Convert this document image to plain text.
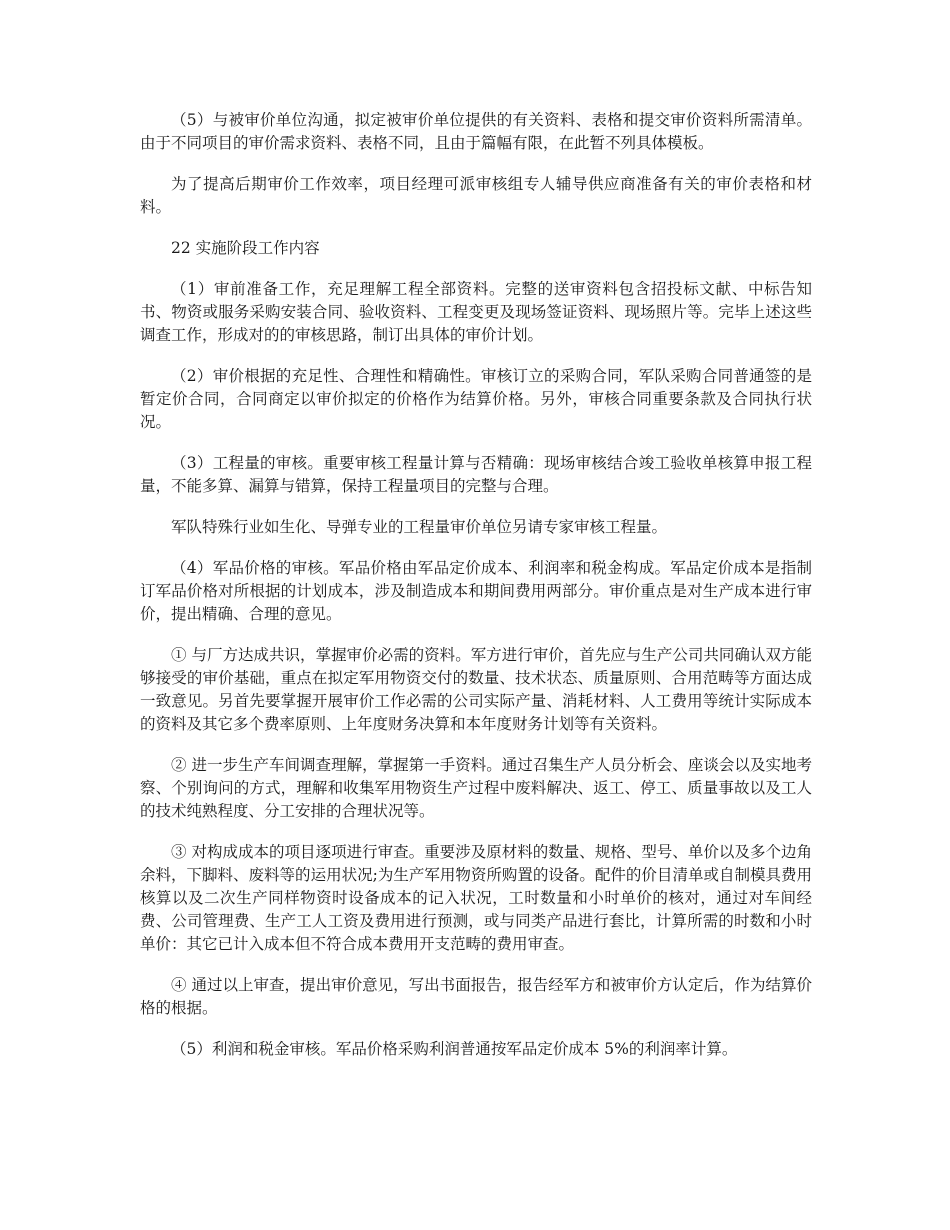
（5）与被审价单位沟通，拟定被审价单位提供的有关资料、表格和提交审价资料所需清单。由于不同项目的审价需求资料、表格不同，且由于篇幅有限，在此暂不列具体模板。

为了提高后期审价工作效率，项目经理可派审核组专人辅导供应商准备有关的审价表格和材料。

22 实施阶段工作内容

（1）审前准备工作，充足理解工程全部资料。完整的送审资料包含招投标文献、中标告知书、物资或服务采购安装合同、验收资料、工程变更及现场签证资料、现场照片等。完毕上述这些调查工作，形成对的的审核思路，制订出具体的审价计划。

（2）审价根据的充足性、合理性和精确性。审核订立的采购合同，军队采购合同普通签的是暂定价合同，合同商定以审价拟定的价格作为结算价格。另外，审核合同重要条款及合同执行状况。

（3）工程量的审核。重要审核工程量计算与否精确：现场审核结合竣工验收单核算申报工程量，不能多算、漏算与错算，保持工程量项目的完整与合理。

军队特殊行业如生化、导弹专业的工程量审价单位另请专家审核工程量。

（4）军品价格的审核。军品价格由军品定价成本、利润率和税金构成。军品定价成本是指制订军品价格对所根据的计划成本，涉及制造成本和期间费用两部分。审价重点是对生产成本进行审价，提出精确、合理的意见。

① 与厂方达成共识，掌握审价必需的资料。军方进行审价，首先应与生产公司共同确认双方能够接受的审价基础，重点在拟定军用物资交付的数量、技术状态、质量原则、合用范畴等方面达成一致意见。另首先要掌握开展审价工作必需的公司实际产量、消耗材料、人工费用等统计实际成本的资料及其它多个费率原则、上年度财务决算和本年度财务计划等有关资料。

② 进一步生产车间调查理解，掌握第一手资料。通过召集生产人员分析会、座谈会以及实地考察、个别询问的方式，理解和收集军用物资生产过程中废料解决、返工、停工、质量事故以及工人的技术纯熟程度、分工安排的合理状况等。

③ 对构成成本的项目逐项进行审查。重要涉及原材料的数量、规格、型号、单价以及多个边角余料，下脚料、废料等的运用状况;为生产军用物资所购置的设备。配件的价目清单或自制模具费用核算以及二次生产同样物资时设备成本的记入状况，工时数量和小时单价的核对，通过对车间经费、公司管理费、生产工人工资及费用进行预测，或与同类产品进行套比，计算所需的时数和小时单价：其它已计入成本但不符合成本费用开支范畴的费用审查。

④ 通过以上审查，提出审价意见，写出书面报告，报告经军方和被审价方认定后，作为结算价格的根据。

（5）利润和税金审核。军品价格采购利润普通按军品定价成本 5%的利润率计算。
